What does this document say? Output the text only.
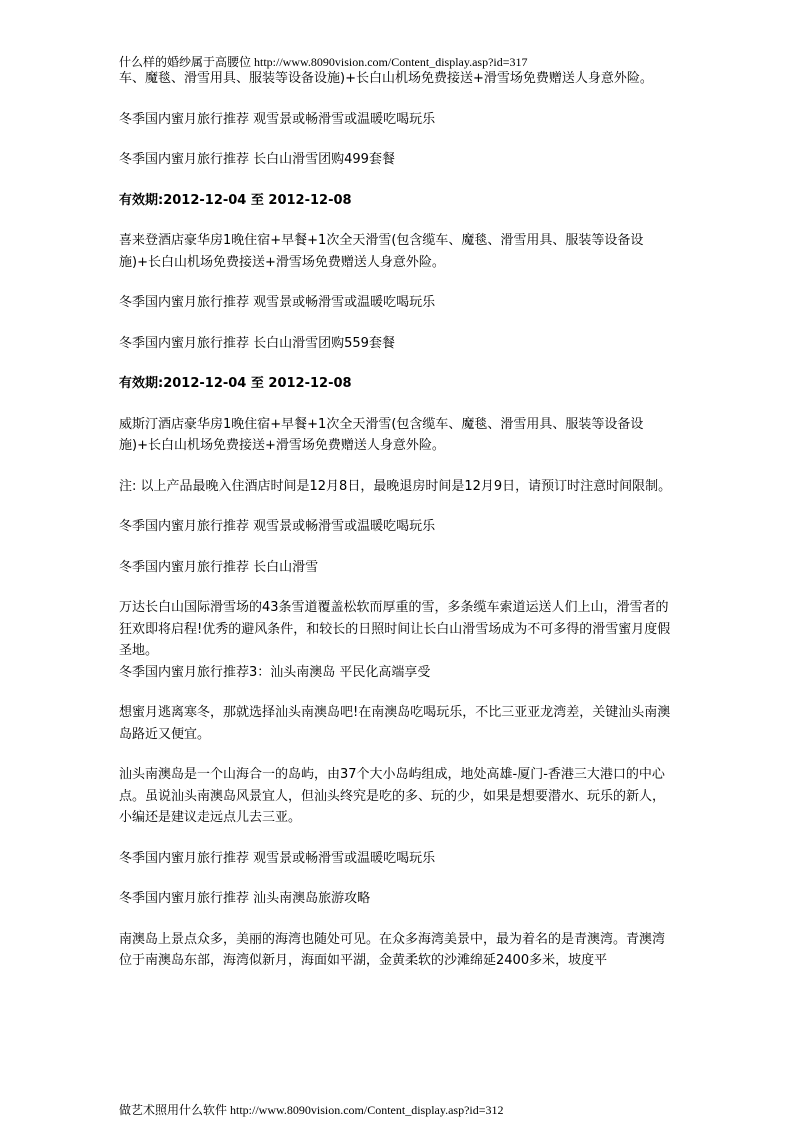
什么样的婚纱属于高腰位 http://www.8090vision.com/Content_display.asp?id=317

车、魔毯、滑雪用具、服装等设备设施)+长白山机场免费接送+滑雪场免费赠送人身意外险。

冬季国内蜜月旅行推荐 观雪景或畅滑雪或温暖吃喝玩乐

冬季国内蜜月旅行推荐 长白山滑雪团购499套餐

有效期:2012-12-04 至 2012-12-08

喜来登酒店豪华房1晚住宿+早餐+1次全天滑雪(包含缆车、魔毯、滑雪用具、服装等设备设施)+长白山机场免费接送+滑雪场免费赠送人身意外险。

冬季国内蜜月旅行推荐 观雪景或畅滑雪或温暖吃喝玩乐

冬季国内蜜月旅行推荐 长白山滑雪团购559套餐

有效期:2012-12-04 至 2012-12-08

威斯汀酒店豪华房1晚住宿+早餐+1次全天滑雪(包含缆车、魔毯、滑雪用具、服装等设备设施)+长白山机场免费接送+滑雪场免费赠送人身意外险。

注: 以上产品最晚入住酒店时间是12月8日，最晚退房时间是12月9日，请预订时注意时间限制。

冬季国内蜜月旅行推荐 观雪景或畅滑雪或温暖吃喝玩乐

冬季国内蜜月旅行推荐 长白山滑雪

万达长白山国际滑雪场的43条雪道覆盖松软而厚重的雪，多条缆车索道运送人们上山，滑雪者的狂欢即将启程!优秀的避风条件，和较长的日照时间让长白山滑雪场成为不可多得的滑雪蜜月度假圣地。

冬季国内蜜月旅行推荐3：汕头南澳岛 平民化高端享受

想蜜月逃离寒冬，那就选择汕头南澳岛吧!在南澳岛吃喝玩乐，不比三亚亚龙湾差，关键汕头南澳岛路近又便宜。

汕头南澳岛是一个山海合一的岛屿，由37个大小岛屿组成，地处高雄-厦门-香港三大港口的中心点。虽说汕头南澳岛风景宜人，但汕头终究是吃的多、玩的少，如果是想要潜水、玩乐的新人，小编还是建议走远点儿去三亚。

冬季国内蜜月旅行推荐 观雪景或畅滑雪或温暖吃喝玩乐

冬季国内蜜月旅行推荐 汕头南澳岛旅游攻略

南澳岛上景点众多，美丽的海湾也随处可见。在众多海湾美景中，最为着名的是青澳湾。青澳湾位于南澳岛东部，海湾似新月，海面如平湖，金黄柔软的沙滩绵延2400多米，坡度平

做艺术照用什么软件 http://www.8090vision.com/Content_display.asp?id=312
